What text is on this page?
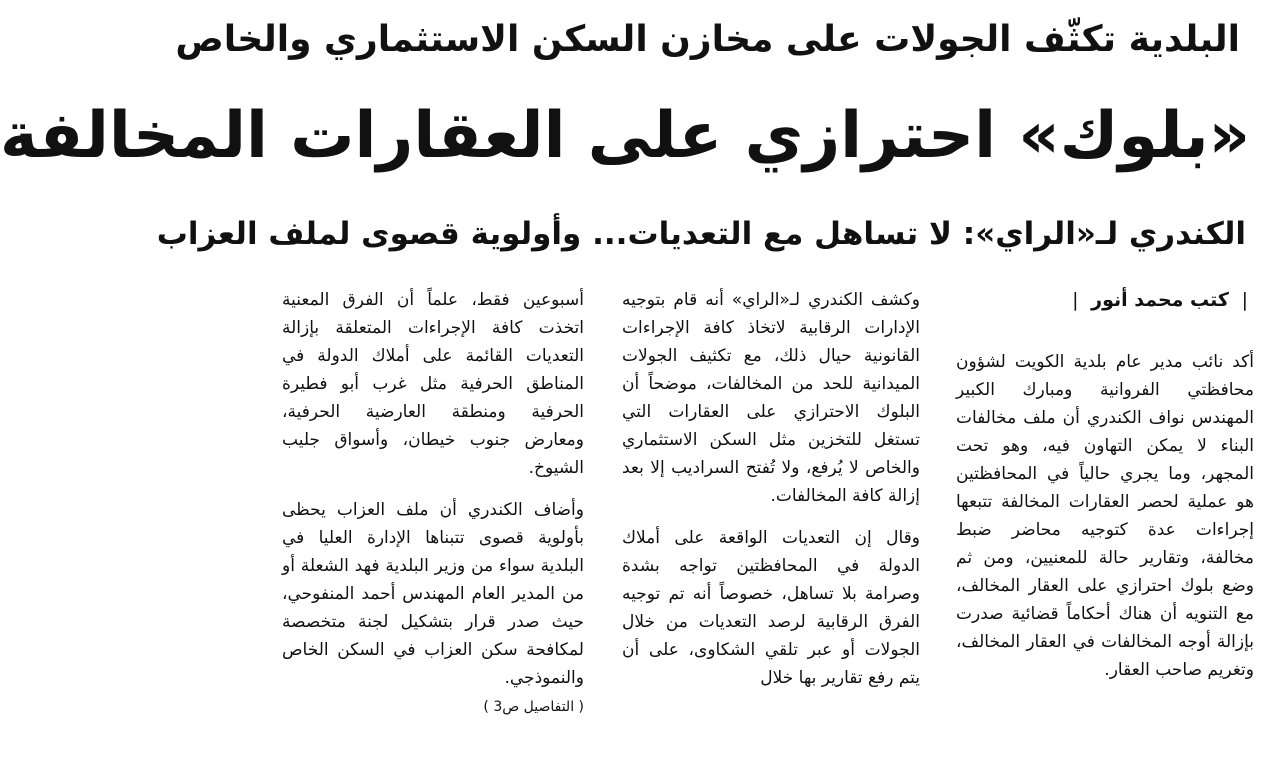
البلدية تكثّف الجولات على مخازن السكن الاستثماري والخاص
«بلوك» احترازي على العقارات المخالفة
الكندري لـ«الراي»: لا تساهل مع التعديات... وأولوية قصوى لملف العزاب
| كتب محمد أنور |

أكد نائب مدير عام بلدية الكويت لشؤون محافظتي الفروانية ومبارك الكبير المهندس نواف الكندري أن ملف مخالفات البناء لا يمكن التهاون فيه، وهو تحت المجهر، وما يجري حالياً في المحافظتين هو عملية لحصر العقارات المخالفة تتبعها إجراءات عدة كتوجيه محاضر ضبط مخالفة، وتقارير حالة للمعنيين، ومن ثم وضع بلوك احترازي على العقار المخالف، مع التنويه أن هناك أحكاماً قضائية صدرت بإزالة أوجه المخالفات في العقار المخالف، وتغريم صاحب العقار.

وكشف الكندري لـ«الراي» أنه قام بتوجيه الإدارات الرقابية لاتخاذ كافة الإجراءات القانونية حيال ذلك، مع تكثيف الجولات الميدانية للحد من المخالفات، موضحاً أن البلوك الاحترازي على العقارات التي تستغل للتخزين مثل السكن الاستثماري والخاص لا يُرفع، ولا تُفتح السراديب إلا بعد إزالة كافة المخالفات.

وقال إن التعديات الواقعة على أملاك الدولة في المحافظتين تواجه بشدة وصرامة بلا تساهل، خصوصاً أنه تم توجيه الفرق الرقابية لرصد التعديات من خلال الجولات أو عبر تلقي الشكاوى، على أن يتم رفع تقارير بها خلال

أسبوعين فقط، علماً أن الفرق المعنية اتخذت كافة الإجراءات المتعلقة بإزالة التعديات القائمة على أملاك الدولة في المناطق الحرفية مثل غرب أبو فطيرة الحرفية ومنطقة العارضية الحرفية، ومعارض جنوب خيطان، وأسواق جليب الشيوخ.

وأضاف الكندري أن ملف العزاب يحظى بأولوية قصوى تتبناها الإدارة العليا في البلدية سواء من وزير البلدية فهد الشعلة أو من المدير العام المهندس أحمد المنفوحي، حيث صدر قرار بتشكيل لجنة متخصصة لمكافحة سكن العزاب في السكن الخاص والنموذجي.

( التفاصيل ص3 )
